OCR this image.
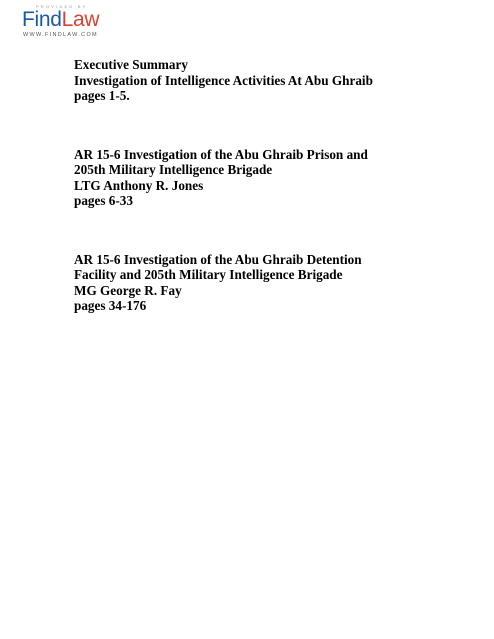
PROVIDED BY
FindLaw
WWW.FINDLAW.COM
Executive Summary
Investigation of Intelligence Activities At Abu Ghraib
pages 1-5.
AR 15-6 Investigation of the Abu Ghraib Prison and
205th Military Intelligence Brigade
LTG Anthony R. Jones
pages 6-33
AR 15-6 Investigation of the Abu Ghraib Detention
Facility and 205th Military Intelligence Brigade
MG George R. Fay
pages 34-176
